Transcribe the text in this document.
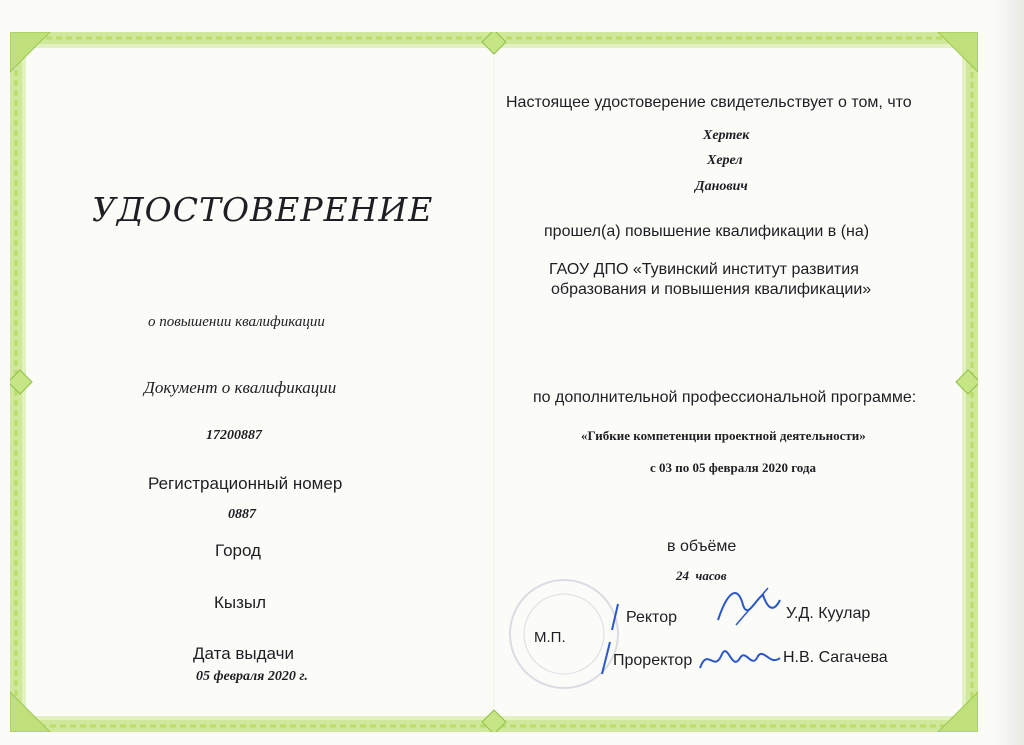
УДОСТОВЕРЕНИЕ
о повышении квалификации
Документ о квалификации
17200887
Регистрационный номер
0887
Город
Кызыл
Дата выдачи
05 февраля 2020 г.
Настоящее удостоверение свидетельствует о том, что
Хертек
Херел
Данович
прошел(а) повышение квалификации в (на)
ГАОУ ДПО «Тувинский институт развития
образования и повышения квалификации»
по дополнительной профессиональной программе:
«Гибкие компетенции проектной деятельности»
с 03 по 05 февраля 2020 года
в объёме
24  часов
М.П.
Ректор	У.Д. Куулар
Проректор	Н.В. Сагачева
